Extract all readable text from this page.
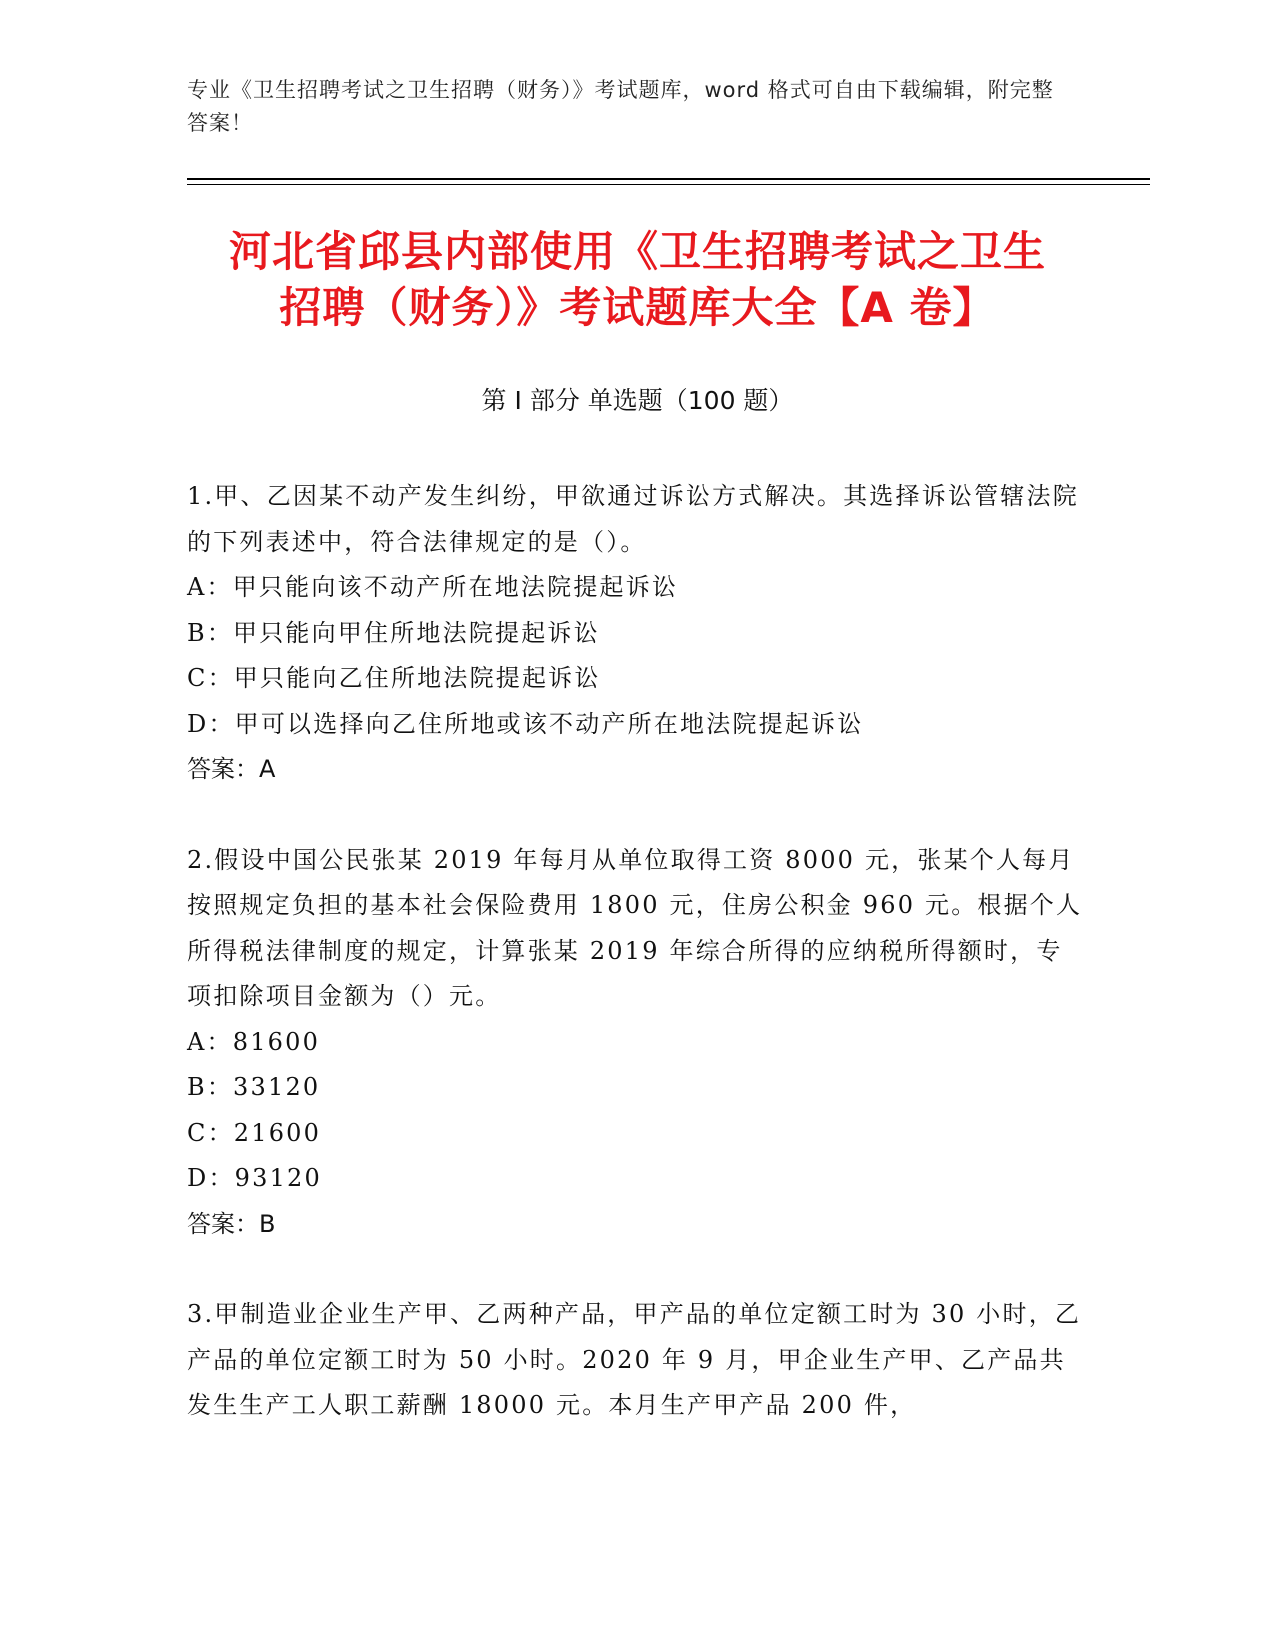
专业《卫生招聘考试之卫生招聘（财务）》考试题库，word 格式可自由下载编辑，附完整答案！
河北省邱县内部使用《卫生招聘考试之卫生
招聘（财务）》考试题库大全【A 卷】
第 I 部分 单选题（100 题）

1.甲、乙因某不动产发生纠纷，甲欲通过诉讼方式解决。其选择诉讼管辖法院的下列表述中，符合法律规定的是（）。

A：甲只能向该不动产所在地法院提起诉讼

B：甲只能向甲住所地法院提起诉讼

C：甲只能向乙住所地法院提起诉讼

D：甲可以选择向乙住所地或该不动产所在地法院提起诉讼

答案：A

2.假设中国公民张某 2019 年每月从单位取得工资 8000 元，张某个人每月按照规定负担的基本社会保险费用 1800 元，住房公积金 960 元。根据个人所得税法律制度的规定，计算张某 2019 年综合所得的应纳税所得额时，专项扣除项目金额为（）元。

A：81600

B：33120

C：21600

D：93120

答案：B

3.甲制造业企业生产甲、乙两种产品，甲产品的单位定额工时为 30 小时，乙产品的单位定额工时为 50 小时。2020 年 9 月，甲企业生产甲、乙产品共发生生产工人职工薪酬 18000 元。本月生产甲产品 200 件，
